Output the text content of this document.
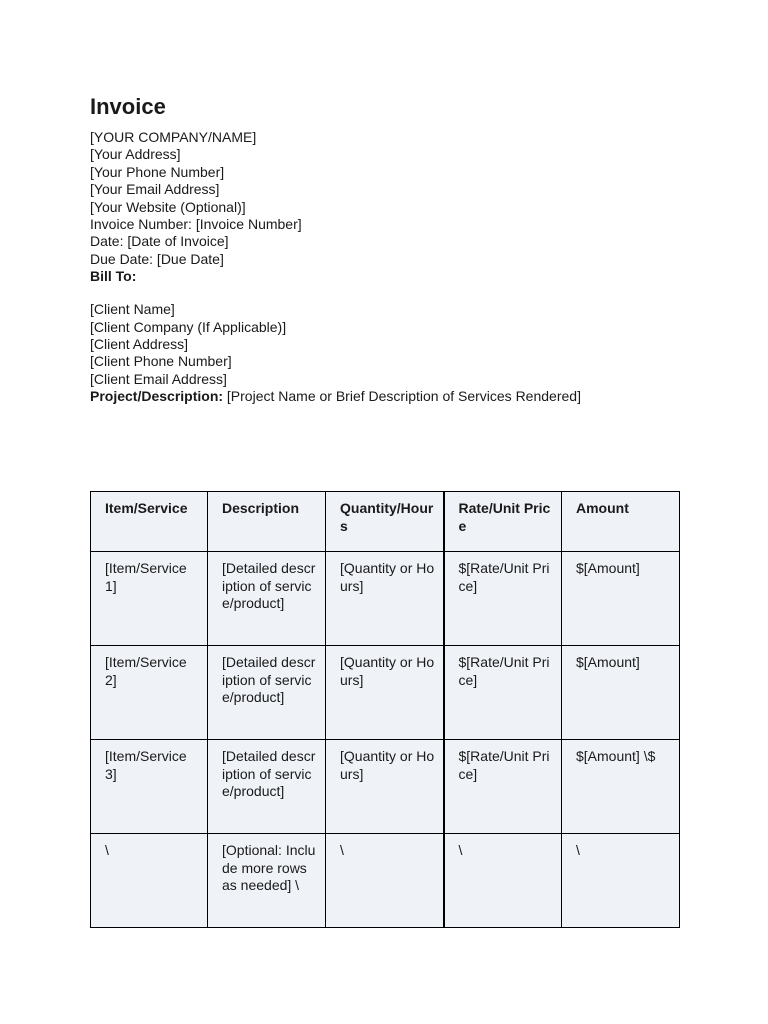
Invoice
[YOUR COMPANY/NAME]
[Your Address]
[Your Phone Number]
[Your Email Address]
[Your Website (Optional)]
Invoice Number: [Invoice Number]
Date: [Date of Invoice]
Due Date: [Due Date]
Bill To:
[Client Name]
[Client Company (If Applicable)]
[Client Address]
[Client Phone Number]
[Client Email Address]
Project/Description: [Project Name or Brief Description of Services Rendered]
Item/Service	Description	Quantity/Hours	Rate/Unit Price	Amount
[Item/Service 1]	[Detailed description of service/product]	[Quantity or Hours]	$[Rate/Unit Price]	$[Amount]
[Item/Service 2]	[Detailed description of service/product]	[Quantity or Hours]	$[Rate/Unit Price]	$[Amount]
[Item/Service 3]	[Detailed description of service/product]	[Quantity or Hours]	$[Rate/Unit Price]	$[Amount] \$
\	[Optional: Include more rows as needed] \	\	\	\
